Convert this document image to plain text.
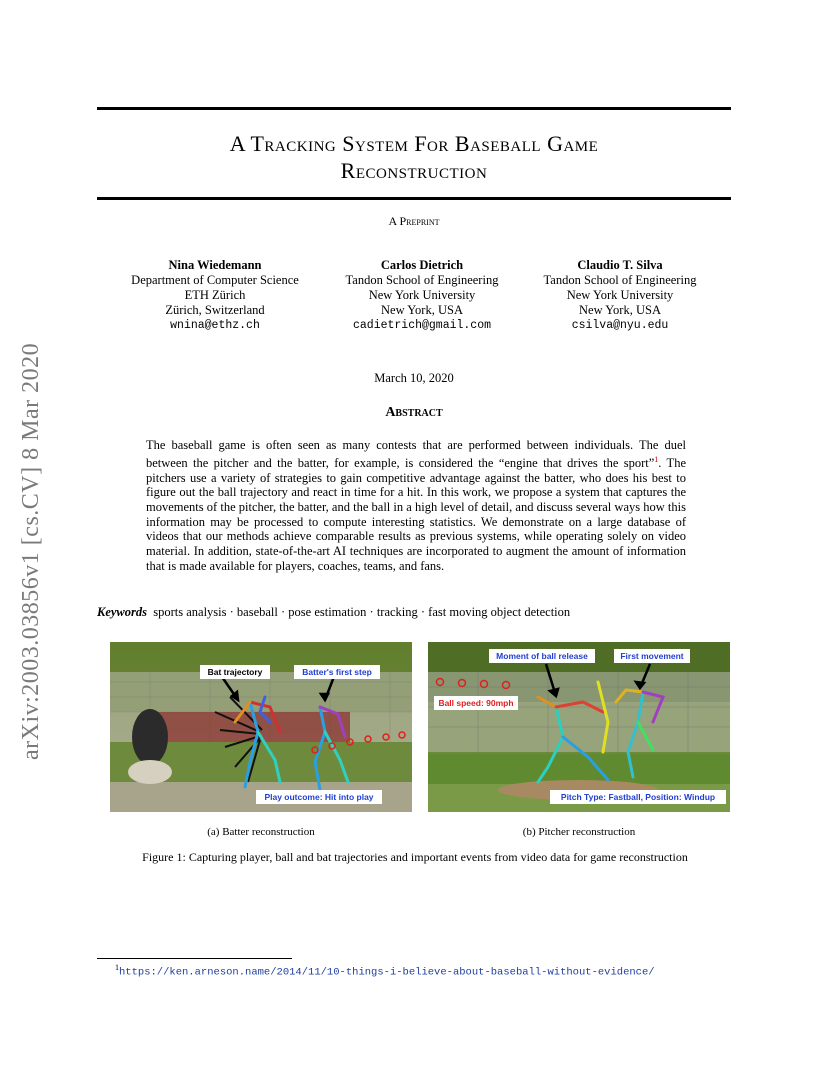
arXiv:2003.03856v1 [cs.CV] 8 Mar 2020
A Tracking System For Baseball Game
Reconstruction
A Preprint
Nina Wiedemann
Department of Computer Science
ETH Zürich
Zürich, Switzerland
wnina@ethz.ch
Carlos Dietrich
Tandon School of Engineering
New York University
New York, USA
cadietrich@gmail.com
Claudio T. Silva
Tandon School of Engineering
New York University
New York, USA
csilva@nyu.edu
March 10, 2020
Abstract
The baseball game is often seen as many contests that are performed between individuals. The duel between the pitcher and the batter, for example, is considered the “engine that drives the sport”$^1$. The pitchers use a variety of strategies to gain competitive advantage against the batter, who does his best to figure out the ball trajectory and react in time for a hit. In this work, we propose a system that captures the movements of the pitcher, the batter, and the ball in a high level of detail, and discuss several ways how this information may be processed to compute interesting statistics. We demonstrate on a large database of videos that our methods achieve comparable results as previous systems, while operating solely on video material. In addition, state-of-the-art AI techniques are incorporated to augment the amount of information that is made available for players, coaches, teams, and fans.
Keywords sports analysis · baseball · pose estimation · tracking · fast moving object detection
Bat trajectory	Batter's first step
Play outcome: Hit into play
(a) Batter reconstruction
Moment of ball release	First movement
Ball speed: 90mph
Pitch Type: Fastball, Position: Windup
(b) Pitcher reconstruction
Figure 1: Capturing player, ball and bat trajectories and important events from video data for game reconstruction
$^1$https://ken.arneson.name/2014/11/10-things-i-believe-about-baseball-without-evidence/
